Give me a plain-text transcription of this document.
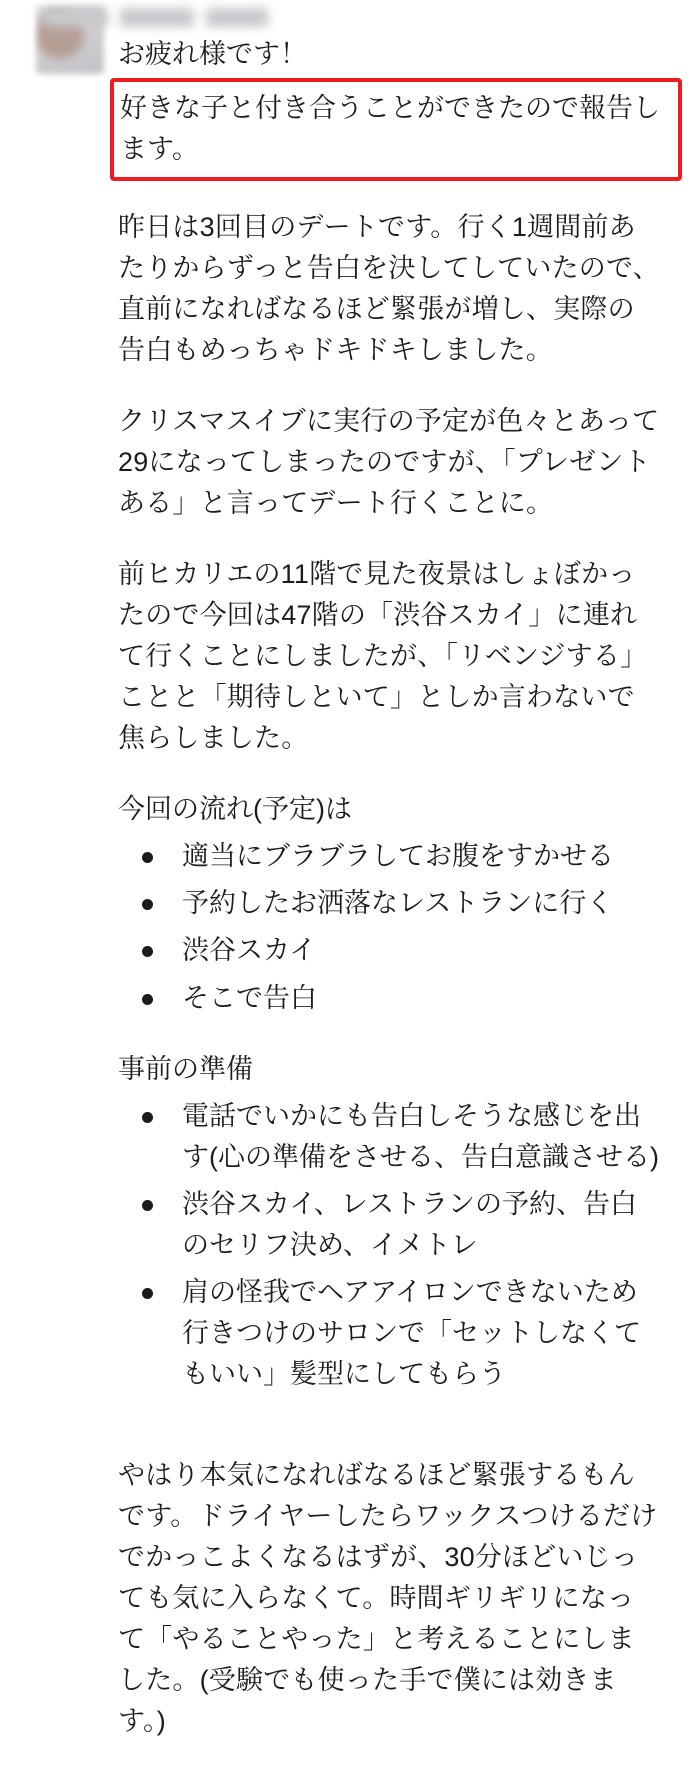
お疲れ様です！

好きな子と付き合うことができたので報告します。

昨日は3回目のデートです。行く1週間前あたりからずっと告白を決してしていたので、直前になればなるほど緊張が増し、実際の告白もめっちゃドキドキしました。

クリスマスイブに実行の予定が色々とあって29になってしまったのですが、「プレゼントある」と言ってデート行くことに。

前ヒカリエの11階で見た夜景はしょぼかったので今回は47階の「渋谷スカイ」に連れて行くことにしましたが、「リベンジする」ことと「期待しといて」としか言わないで焦らしました。

今回の流れ(予定)は

適当にブラブラしてお腹をすかせる
予約したお洒落なレストランに行く
渋谷スカイ
そこで告白

事前の準備

電話でいかにも告白しそうな感じを出す(心の準備をさせる、告白意識させる)
渋谷スカイ、レストランの予約、告白のセリフ決め、イメトレ
肩の怪我でヘアアイロンできないため行きつけのサロンで「セットしなくてもいい」髪型にしてもらう

やはり本気になればなるほど緊張するもんです。ドライヤーしたらワックスつけるだけでかっこよくなるはずが、30分ほどいじっても気に入らなくて。時間ギリギリになって「やることやった」と考えることにしました。(受験でも使った手で僕には効きます。)
